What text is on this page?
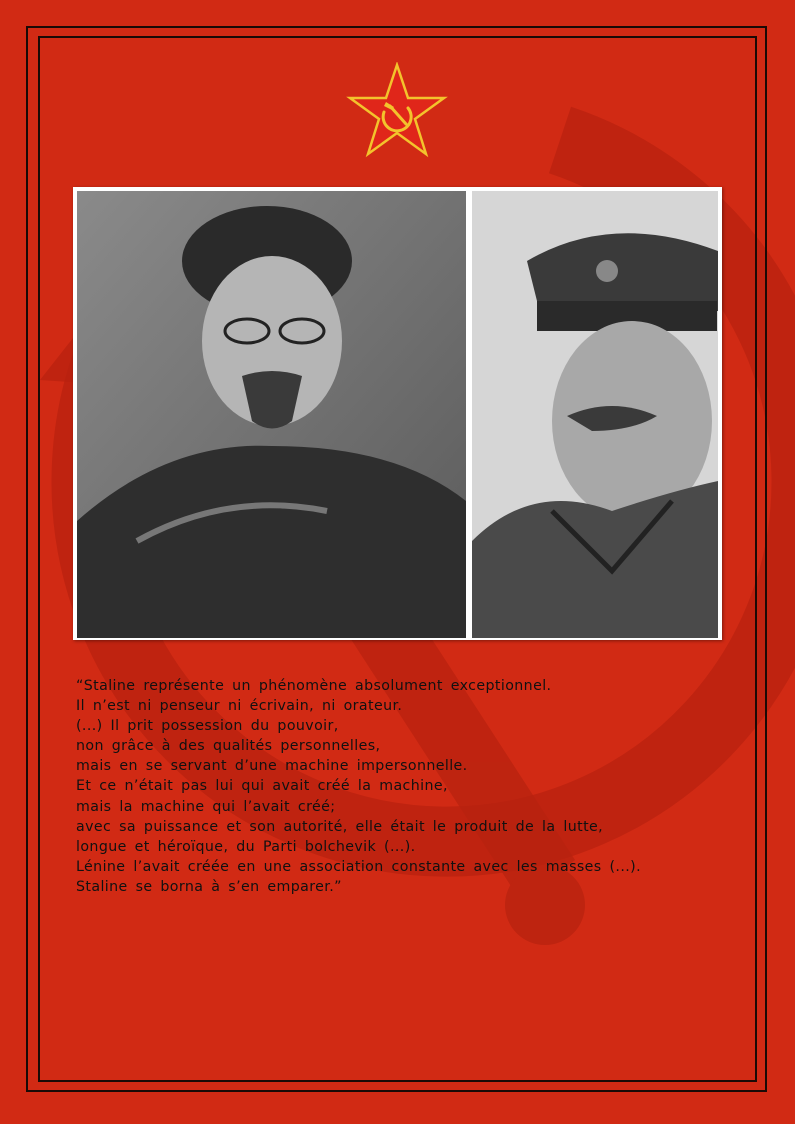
“Staline représente un phénomène absolument exceptionnel.

Il n’est ni penseur ni écrivain, ni orateur.

(...) Il prit possession du pouvoir,

non grâce à des qualités personnelles,

mais en se servant d’une machine impersonnelle.

Et ce n’était pas lui qui avait créé la machine,

mais la machine qui l’avait créé;

avec sa puissance et son autorité, elle était le produit de la lutte,

longue et héroïque, du Parti bolchevik (...).

Lénine l’avait créée en une association constante avec les masses (...).

Staline se borna à s’en emparer.”
